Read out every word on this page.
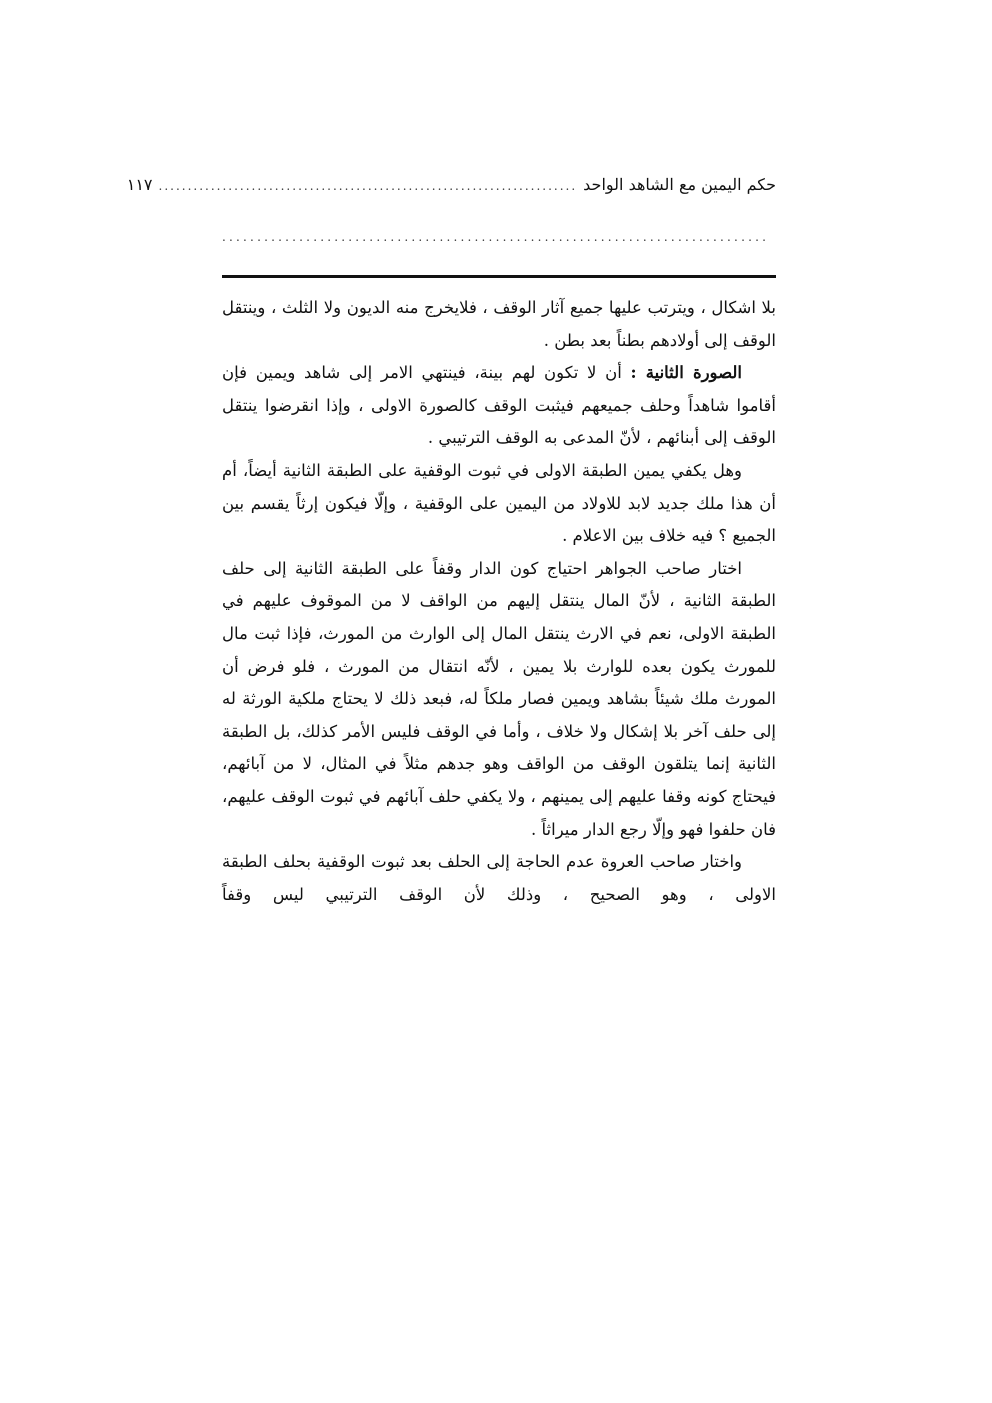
حكم اليمين مع الشاهد الواحد
........................................................................
١١٧
..............................................................................

بلا اشكال ، ويترتب عليها جميع آثار الوقف ، فلايخرج منه الديون ولا الثلث ، وينتقل الوقف إلى أولادهم بطناً بعد بطن .

الصورة الثانية : أن لا تكون لهم بينة، فينتهي الامر إلى شاهد ويمين فإن أقاموا شاهداً وحلف جميعهم فيثبت الوقف كالصورة الاولى ، وإذا انقرضوا ينتقل الوقف إلى أبنائهم ، لأنّ المدعى به الوقف الترتيبي .

وهل يكفي يمين الطبقة الاولى في ثبوت الوقفية على الطبقة الثانية أيضاً، أم أن هذا ملك جديد لابد للاولاد من اليمين على الوقفية ، وإلّا فيكون إرثاً يقسم بين الجميع ؟ فيه خلاف بين الاعلام .

اختار صاحب الجواهر احتياج كون الدار وقفاً على الطبقة الثانية إلى حلف الطبقة الثانية ، لأنّ المال ينتقل إليهم من الواقف لا من الموقوف عليهم في الطبقة الاولى، نعم في الارث ينتقل المال إلى الوارث من المورث، فإذا ثبت مال للمورث يكون بعده للوارث بلا يمين ، لأنّه انتقال من المورث ، فلو فرض أن المورث ملك شيئاً بشاهد ويمين فصار ملكاً له، فبعد ذلك لا يحتاج ملكية الورثة له إلى حلف آخر بلا إشكال ولا خلاف ، وأما في الوقف فليس الأمر كذلك، بل الطبقة الثانية إنما يتلقون الوقف من الواقف وهو جدهم مثلاً في المثال، لا من آبائهم، فيحتاج كونه وقفا عليهم إلى يمينهم ، ولا يكفي حلف آبائهم في ثبوت الوقف عليهم، فان حلفوا فهو وإلّا رجع الدار ميراثاً .

واختار صاحب العروة عدم الحاجة إلى الحلف بعد ثبوت الوقفية بحلف الطبقة الاولى ، وهو الصحيح ، وذلك لأن الوقف الترتيبي ليس وقفاً
